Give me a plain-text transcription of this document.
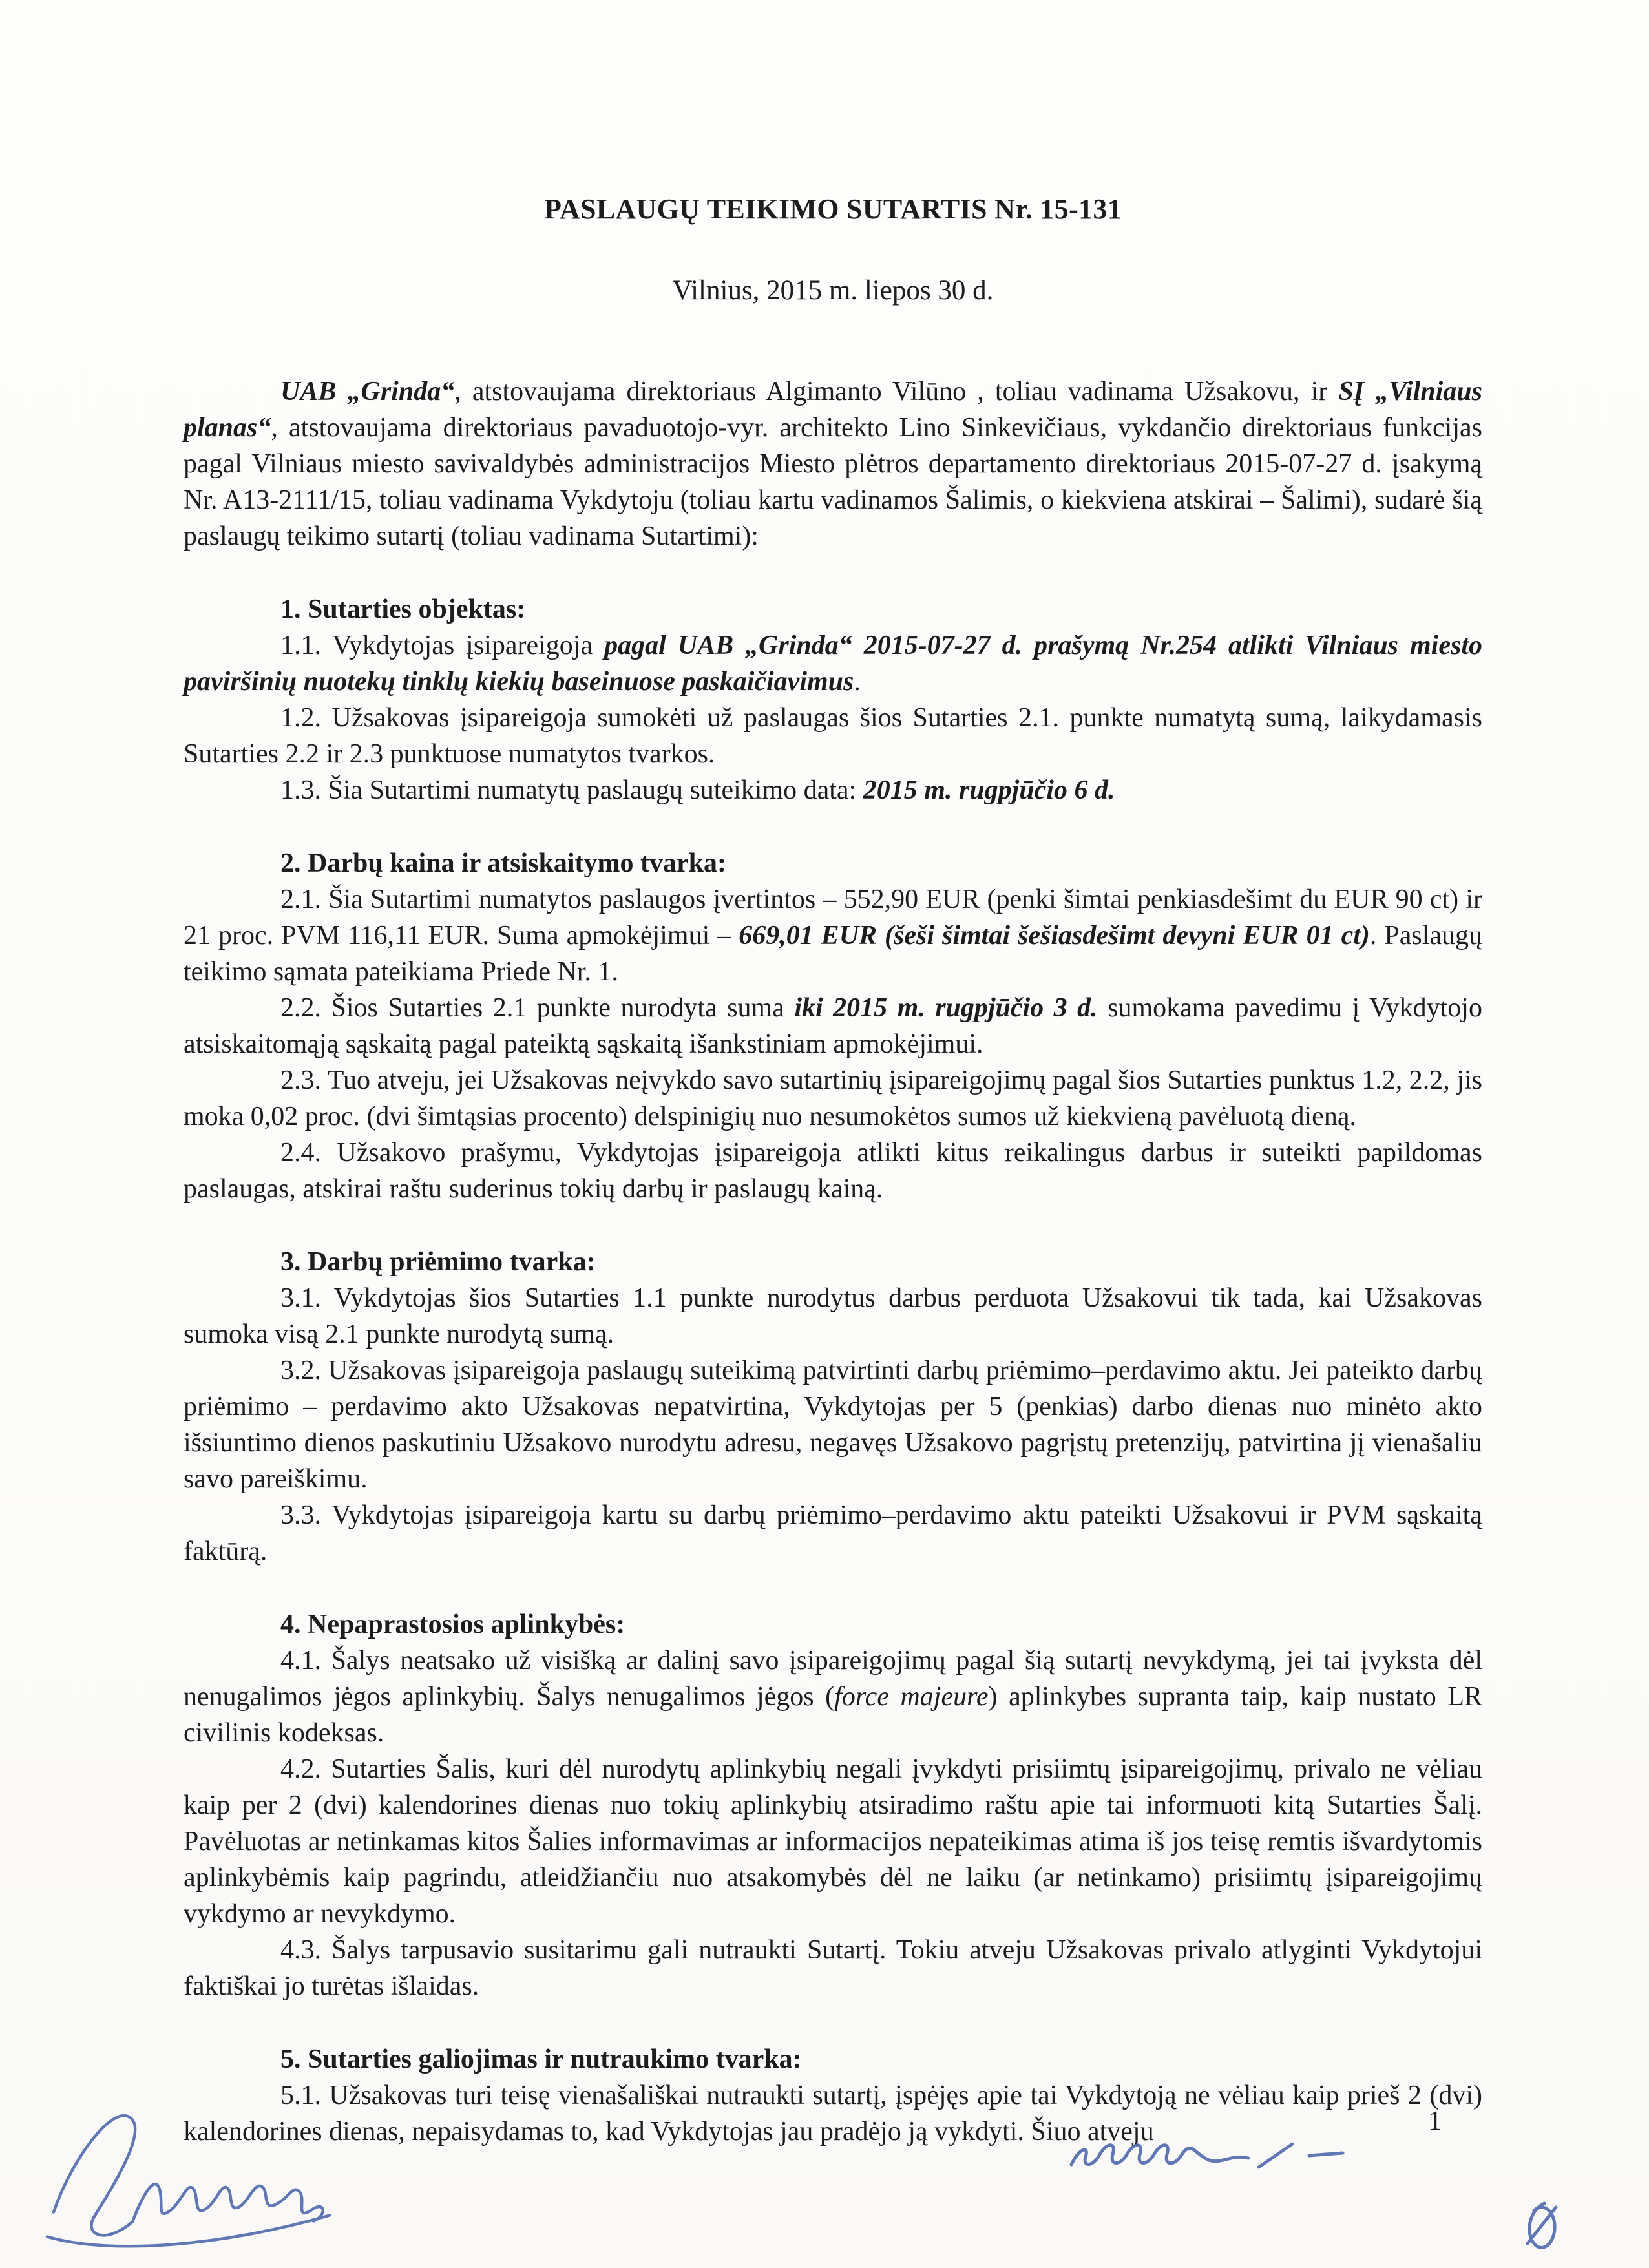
PASLAUGŲ TEIKIMO SUTARTIS Nr. 15-131

Vilnius, 2015 m. liepos 30 d.

UAB „Grinda“, atstovaujama direktoriaus Algimanto Vilūno , toliau vadinama Užsakovu, ir SĮ „Vilniaus planas“, atstovaujama direktoriaus pavaduotojo-vyr. architekto Lino Sinkevičiaus, vykdančio direktoriaus funkcijas pagal Vilniaus miesto savivaldybės administracijos Miesto plėtros departamento direktoriaus 2015-07-27 d. įsakymą Nr. A13-2111/15, toliau vadinama Vykdytoju (toliau kartu vadinamos Šalimis, o kiekviena atskirai – Šalimi), sudarė šią paslaugų teikimo sutartį (toliau vadinama Sutartimi):

1. Sutarties objektas:

1.1. Vykdytojas įsipareigoja pagal UAB „Grinda“ 2015-07-27 d. prašymą Nr.254 atlikti Vilniaus miesto paviršinių nuotekų tinklų kiekių baseinuose paskaičiavimus.

1.2. Užsakovas įsipareigoja sumokėti už paslaugas šios Sutarties 2.1. punkte numatytą sumą, laikydamasis Sutarties 2.2 ir 2.3 punktuose numatytos tvarkos.

1.3. Šia Sutartimi numatytų paslaugų suteikimo data: 2015 m. rugpjūčio 6 d.

2. Darbų kaina ir atsiskaitymo tvarka:

2.1. Šia Sutartimi numatytos paslaugos įvertintos – 552,90 EUR (penki šimtai penkiasdešimt du EUR 90 ct) ir 21 proc. PVM 116,11 EUR. Suma apmokėjimui – 669,01 EUR (šeši šimtai šešiasdešimt devyni EUR 01 ct). Paslaugų teikimo sąmata pateikiama Priede Nr. 1.

2.2. Šios Sutarties 2.1 punkte nurodyta suma iki 2015 m. rugpjūčio 3 d. sumokama pavedimu į Vykdytojo atsiskaitomąją sąskaitą pagal pateiktą sąskaitą išankstiniam apmokėjimui.

2.3. Tuo atveju, jei Užsakovas neįvykdo savo sutartinių įsipareigojimų pagal šios Sutarties punktus 1.2, 2.2, jis moka 0,02 proc. (dvi šimtąsias procento) delspinigių nuo nesumokėtos sumos už kiekvieną pavėluotą dieną.

2.4. Užsakovo prašymu, Vykdytojas įsipareigoja atlikti kitus reikalingus darbus ir suteikti papildomas paslaugas, atskirai raštu suderinus tokių darbų ir paslaugų kainą.

3. Darbų priėmimo tvarka:

3.1. Vykdytojas šios Sutarties 1.1 punkte nurodytus darbus perduota Užsakovui tik tada, kai Užsakovas sumoka visą 2.1 punkte nurodytą sumą.

3.2. Užsakovas įsipareigoja paslaugų suteikimą patvirtinti darbų priėmimo–perdavimo aktu. Jei pateikto darbų priėmimo – perdavimo akto Užsakovas nepatvirtina, Vykdytojas per 5 (penkias) darbo dienas nuo minėto akto išsiuntimo dienos paskutiniu Užsakovo nurodytu adresu, negavęs Užsakovo pagrįstų pretenzijų, patvirtina jį vienašaliu savo pareiškimu.

3.3. Vykdytojas įsipareigoja kartu su darbų priėmimo–perdavimo aktu pateikti Užsakovui ir PVM sąskaitą faktūrą.

4. Nepaprastosios aplinkybės:

4.1. Šalys neatsako už visišką ar dalinį savo įsipareigojimų pagal šią sutartį nevykdymą, jei tai įvyksta dėl nenugalimos jėgos aplinkybių. Šalys nenugalimos jėgos (force majeure) aplinkybes supranta taip, kaip nustato LR civilinis kodeksas.

4.2. Sutarties Šalis, kuri dėl nurodytų aplinkybių negali įvykdyti prisiimtų įsipareigojimų, privalo ne vėliau kaip per 2 (dvi) kalendorines dienas nuo tokių aplinkybių atsiradimo raštu apie tai informuoti kitą Sutarties Šalį. Pavėluotas ar netinkamas kitos Šalies informavimas ar informacijos nepateikimas atima iš jos teisę remtis išvardytomis aplinkybėmis kaip pagrindu, atleidžiančiu nuo atsakomybės dėl ne laiku (ar netinkamo) prisiimtų įsipareigojimų vykdymo ar nevykdymo.

4.3. Šalys tarpusavio susitarimu gali nutraukti Sutartį. Tokiu atveju Užsakovas privalo atlyginti Vykdytojui faktiškai jo turėtas išlaidas.

5. Sutarties galiojimas ir nutraukimo tvarka:

5.1. Užsakovas turi teisę vienašališkai nutraukti sutartį, įspėjęs apie tai Vykdytoją ne vėliau kaip prieš 2 (dvi) kalendorines dienas, nepaisydamas to, kad Vykdytojas jau pradėjo ją vykdyti. Šiuo atveju	1
